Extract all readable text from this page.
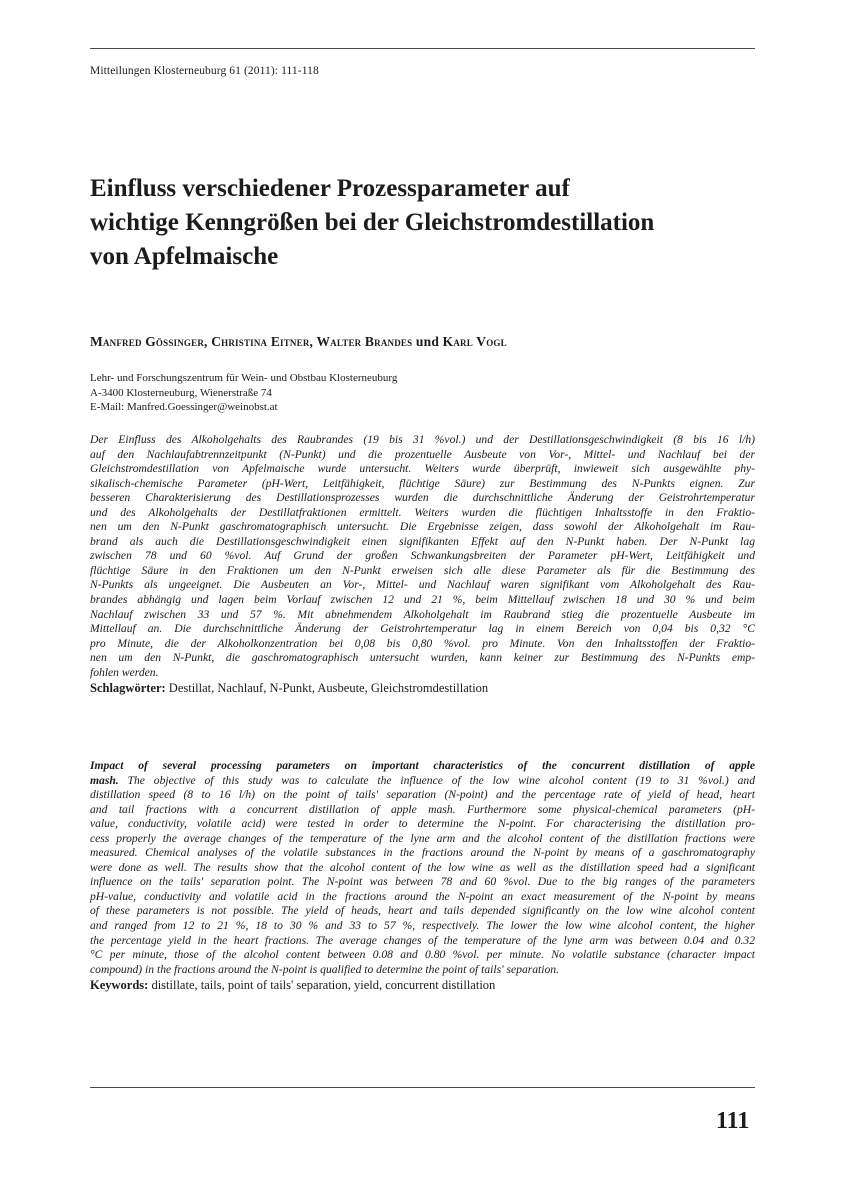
Mitteilungen Klosterneuburg 61 (2011): 111-118
Einfluss verschiedener Prozessparameter auf
wichtige Kenngrößen bei der Gleichstromdestillation
von Apfelmaische
Manfred Gössinger, Christina Eitner, Walter Brandes und Karl Vogl
Lehr- und Forschungszentrum für Wein- und Obstbau Klosterneuburg
A-3400 Klosterneuburg, Wienerstraße 74
E-Mail: Manfred.Goessinger@weinobst.at
Der Einfluss des Alkoholgehalts des Raubrandes (19 bis 31 %vol.) und der Destillationsgeschwindigkeit (8 bis 16 l/h)
auf den Nachlaufabtrennzeitpunkt (N-Punkt) und die prozentuelle Ausbeute von Vor-, Mittel- und Nachlauf bei der
Gleichstromdestillation von Apfelmaische wurde untersucht. Weiters wurde überprüft, inwieweit sich ausgewählte phy-
sikalisch-chemische Parameter (pH-Wert, Leitfähigkeit, flüchtige Säure) zur Bestimmung des N-Punkts eignen. Zur
besseren Charakterisierung des Destillationsprozesses wurden die durchschnittliche Änderung der Geistrohrtemperatur
und des Alkoholgehalts der Destillatfraktionen ermittelt. Weiters wurden die flüchtigen Inhaltsstoffe in den Fraktio-
nen um den N-Punkt gaschromatographisch untersucht. Die Ergebnisse zeigen, dass sowohl der Alkoholgehalt im Rau-
brand als auch die Destillationsgeschwindigkeit einen signifikanten Effekt auf den N-Punkt haben. Der N-Punkt lag
zwischen 78 und 60 %vol. Auf Grund der großen Schwankungsbreiten der Parameter pH-Wert, Leitfähigkeit und
flüchtige Säure in den Fraktionen um den N-Punkt erweisen sich alle diese Parameter als für die Bestimmung des
N-Punkts als ungeeignet. Die Ausbeuten an Vor-, Mittel- und Nachlauf waren signifikant vom Alkoholgehalt des Rau-
brandes abhängig und lagen beim Vorlauf zwischen 12 und 21 %, beim Mittellauf zwischen 18 und 30 % und beim
Nachlauf zwischen 33 und 57 %. Mit abnehmendem Alkoholgehalt im Raubrand stieg die prozentuelle Ausbeute im
Mittellauf an. Die durchschnittliche Änderung der Geistrohrtemperatur lag in einem Bereich von 0,04 bis 0,32 °C
pro Minute, die der Alkoholkonzentration bei 0,08 bis 0,80 %vol. pro Minute. Von den Inhaltsstoffen der Fraktio-
nen um den N-Punkt, die gaschromatographisch untersucht wurden, kann keiner zur Bestimmung des N-Punkts emp-
fohlen werden.
Schlagwörter: Destillat, Nachlauf, N-Punkt, Ausbeute, Gleichstromdestillation
Impact of several processing parameters on important characteristics of the concurrent distillation of apple
mash. The objective of this study was to calculate the influence of the low wine alcohol content (19 to 31 %vol.) and
distillation speed (8 to 16 l/h) on the point of tails' separation (N-point) and the percentage rate of yield of head, heart
and tail fractions with a concurrent distillation of apple mash. Furthermore some physical-chemical parameters (pH-
value, conductivity, volatile acid) were tested in order to determine the N-point. For characterising the distillation pro-
cess properly the average changes of the temperature of the lyne arm and the alcohol content of the distillation fractions were
measured. Chemical analyses of the volatile substances in the fractions around the N-point by means of a gaschromatography
were done as well. The results show that the alcohol content of the low wine as well as the distillation speed had a significant
influence on the tails' separation point. The N-point was between 78 and 60 %vol. Due to the big ranges of the parameters
pH-value, conductivity and volatile acid in the fractions around the N-point an exact measurement of the N-point by means
of these parameters is not possible. The yield of heads, heart and tails depended significantly on the low wine alcohol content
and ranged from 12 to 21 %, 18 to 30 % and 33 to 57 %, respectively. The lower the low wine alcohol content, the higher
the percentage yield in the heart fractions. The average changes of the temperature of the lyne arm was between 0.04 and 0.32
°C per minute, those of the alcohol content between 0.08 and 0.80 %vol. per minute. No volatile substance (character impact
compound) in the fractions around the N-point is qualified to determine the point of tails' separation.
Keywords: distillate, tails, point of tails' separation, yield, concurrent distillation
111
